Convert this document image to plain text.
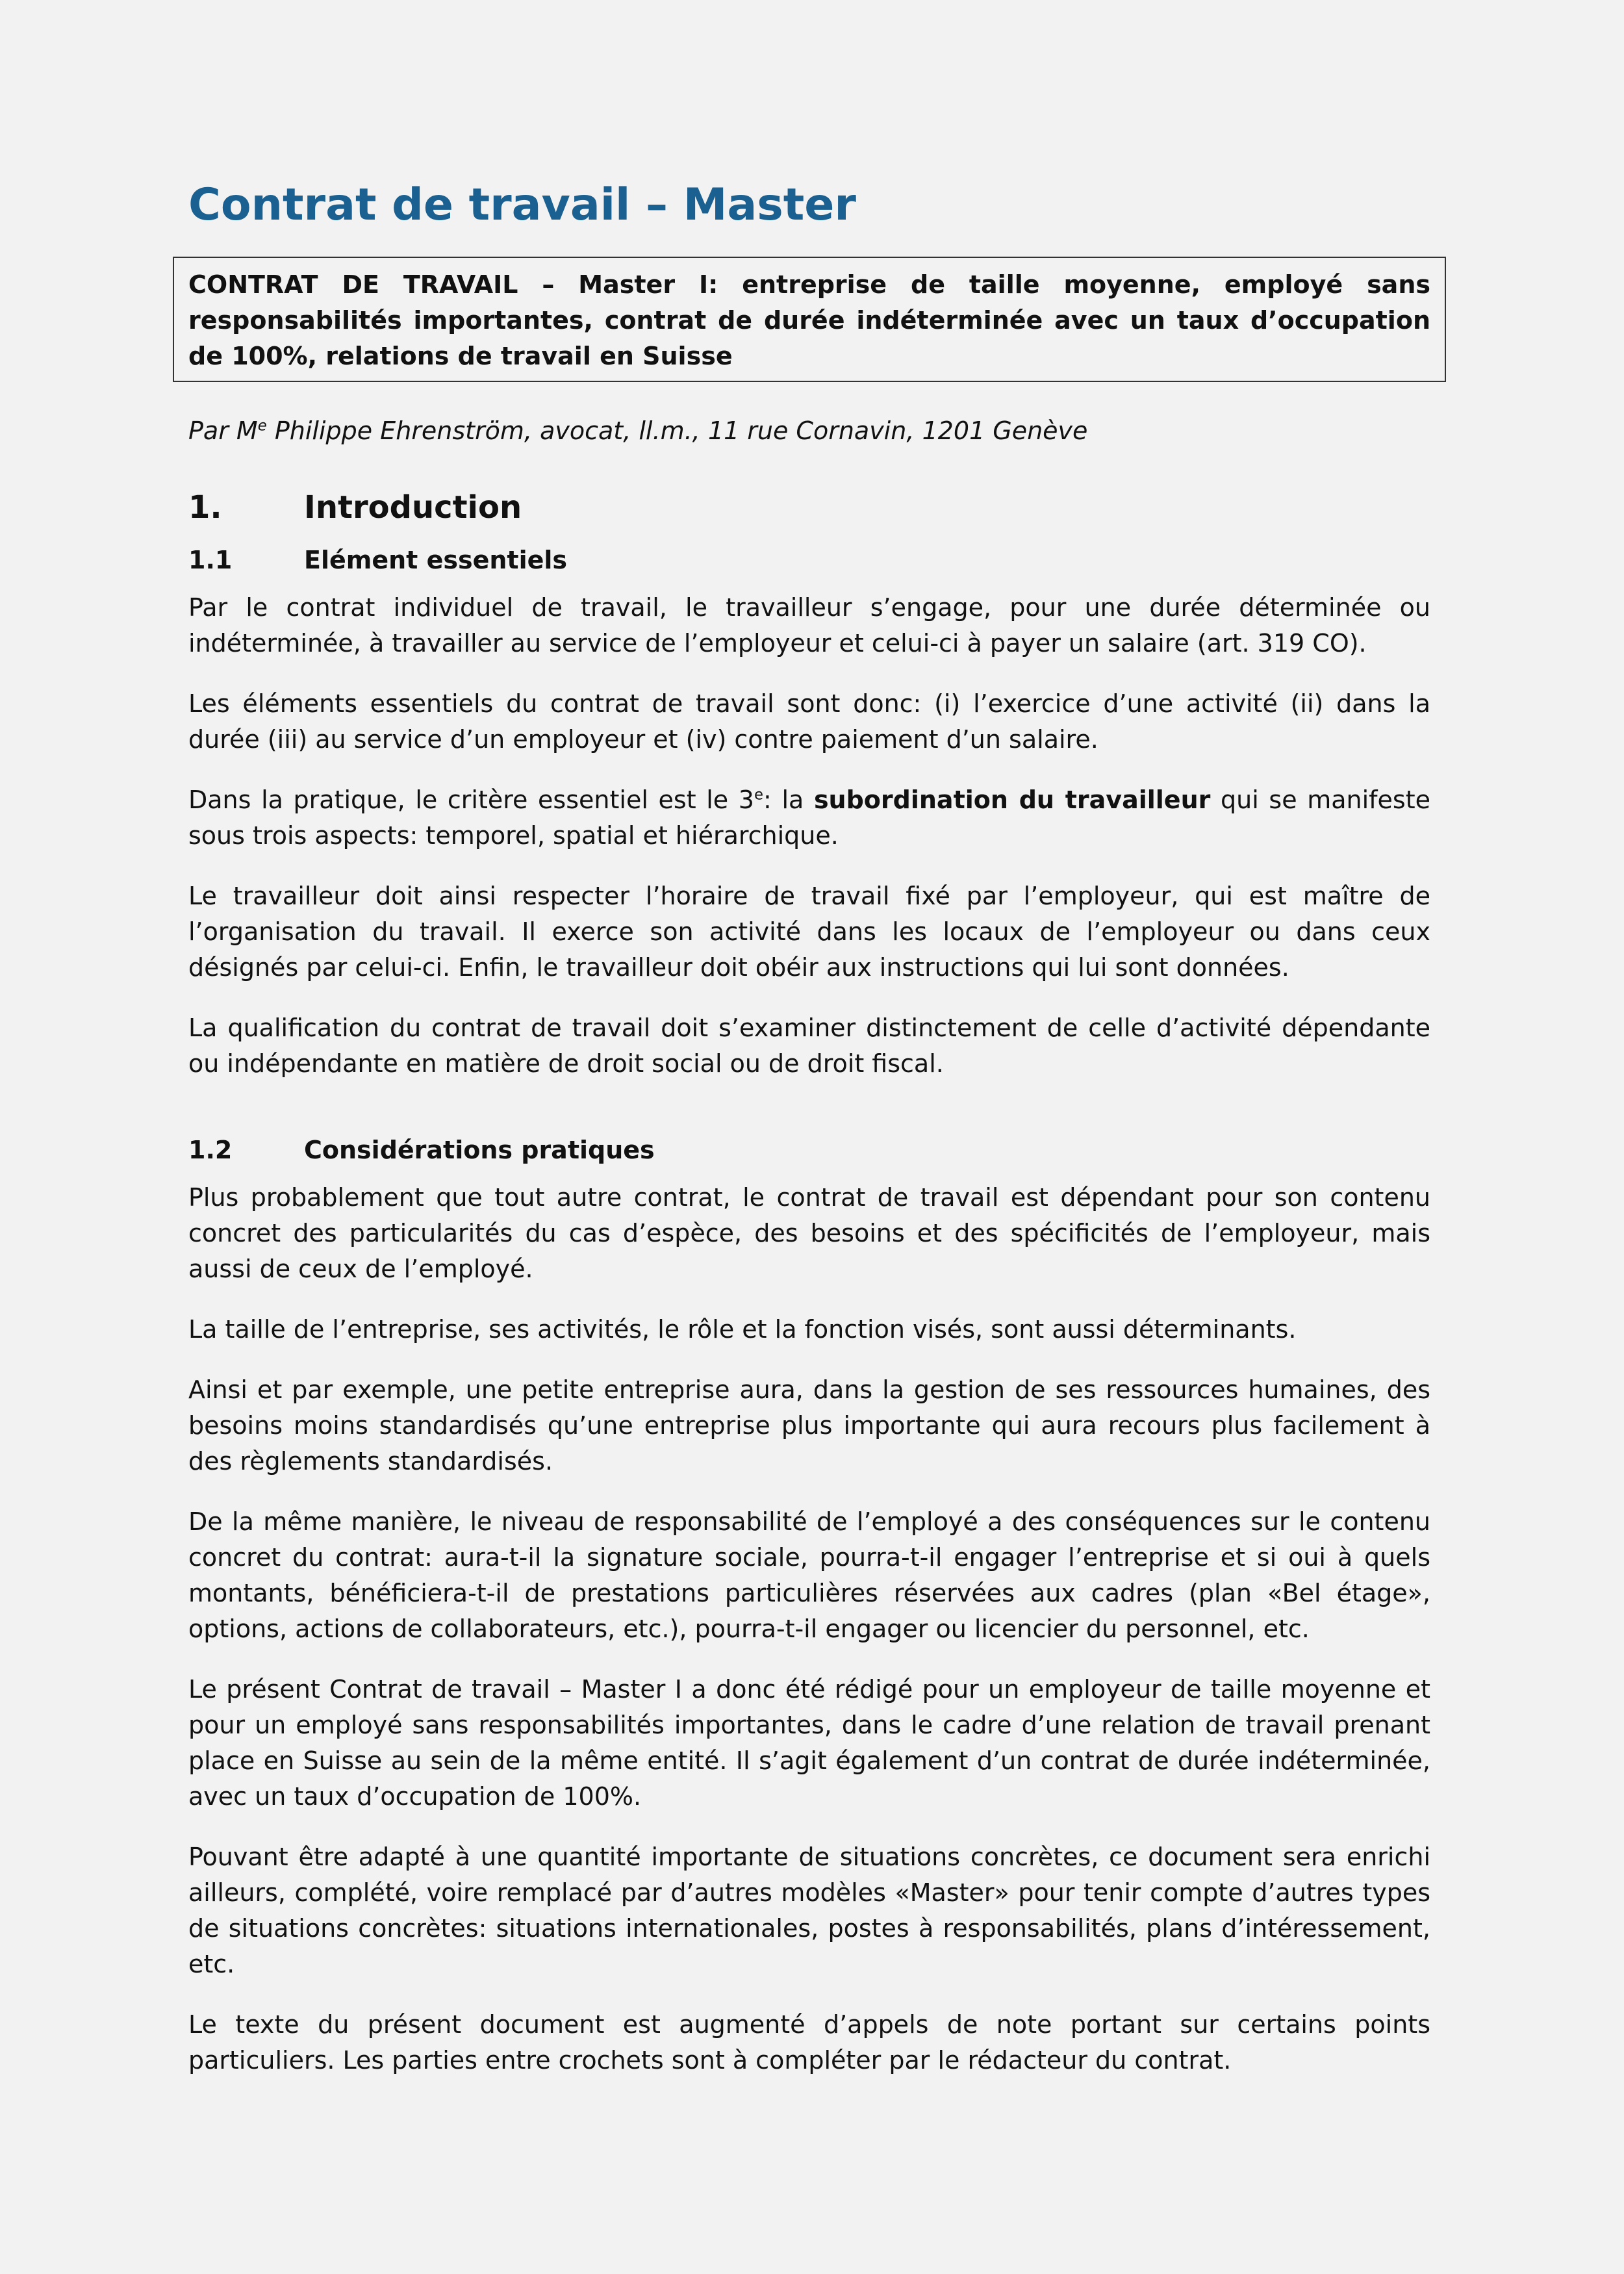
Contrat de travail – Master
CONTRAT DE TRAVAIL – Master I: entreprise de taille moyenne, employé sans responsabilités importantes, contrat de durée indéterminée avec un taux d’occupation de 100%, relations de travail en Suisse
Par Me Philippe Ehrenström, avocat, ll.m., 11 rue Cornavin, 1201 Genève
1.	Introduction
1.1	Elément essentiels

Par le contrat individuel de travail, le travailleur s’engage, pour une durée déterminée ou indéterminée, à travailler au service de l’employeur et celui-ci à payer un salaire (art. 319 CO).

Les éléments essentiels du contrat de travail sont donc: (i) l’exercice d’une activité (ii) dans la durée (iii) au service d’un employeur et (iv) contre paiement d’un salaire.

Dans la pratique, le critère essentiel est le 3e: la subordination du travailleur qui se manifeste sous trois aspects: temporel, spatial et hiérarchique.

Le travailleur doit ainsi respecter l’horaire de travail fixé par l’employeur, qui est maître de l’organisation du travail. Il exerce son activité dans les locaux de l’employeur ou dans ceux désignés par celui-ci. Enfin, le travailleur doit obéir aux instructions qui lui sont données.

La qualification du contrat de travail doit s’examiner distinctement de celle d’activité dépendante ou indépendante en matière de droit social ou de droit fiscal.

1.2	Considérations pratiques

Plus probablement que tout autre contrat, le contrat de travail est dépendant pour son contenu concret des particularités du cas d’espèce, des besoins et des spécificités de l’employeur, mais aussi de ceux de l’employé.

La taille de l’entreprise, ses activités, le rôle et la fonction visés, sont aussi déterminants.

Ainsi et par exemple, une petite entreprise aura, dans la gestion de ses ressources humaines, des besoins moins standardisés qu’une entreprise plus importante qui aura recours plus facilement à des règlements standardisés.

De la même manière, le niveau de responsabilité de l’employé a des conséquences sur le contenu concret du contrat: aura-t-il la signature sociale, pourra-t-il engager l’entreprise et si oui à quels montants, bénéficiera-t-il de prestations particulières réservées aux cadres (plan «Bel étage», options, actions de collaborateurs, etc.), pourra-t-il engager ou licencier du personnel, etc.

Le présent Contrat de travail – Master I a donc été rédigé pour un employeur de taille moyenne et pour un employé sans responsabilités importantes, dans le cadre d’une relation de travail prenant place en Suisse au sein de la même entité. Il s’agit également d’un contrat de durée indéterminée, avec un taux d’occupation de 100%.

Pouvant être adapté à une quantité importante de situations concrètes, ce document sera enrichi ailleurs, complété, voire remplacé par d’autres modèles «Master» pour tenir compte d’autres types de situations concrètes: situations internationales, postes à responsabilités, plans d’intéressement, etc.

Le texte du présent document est augmenté d’appels de note portant sur certains points particuliers. Les parties entre crochets sont à compléter par le rédacteur du contrat.
